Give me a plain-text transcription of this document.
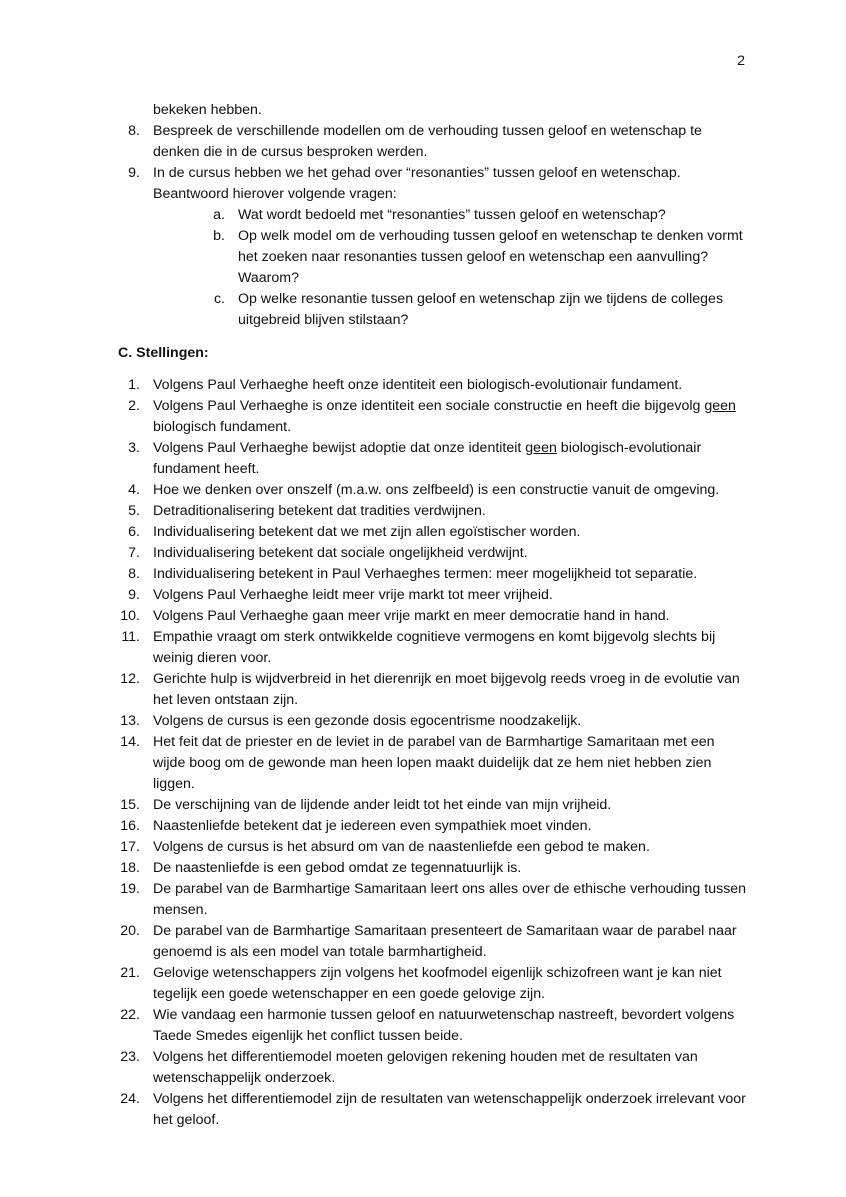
2
bekeken hebben.
8. Bespreek de verschillende modellen om de verhouding tussen geloof en wetenschap te denken die in de cursus besproken werden.
9. In de cursus hebben we het gehad over “resonanties” tussen geloof en wetenschap. Beantwoord hierover volgende vragen:
a. Wat wordt bedoeld met “resonanties” tussen geloof en wetenschap?
b. Op welk model om de verhouding tussen geloof en wetenschap te denken vormt het zoeken naar resonanties tussen geloof en wetenschap een aanvulling? Waarom?
c. Op welke resonantie tussen geloof en wetenschap zijn we tijdens de colleges uitgebreid blijven stilstaan?
C. Stellingen:
1. Volgens Paul Verhaeghe heeft onze identiteit een biologisch-evolutionair fundament.
2. Volgens Paul Verhaeghe is onze identiteit een sociale constructie en heeft die bijgevolg geen biologisch fundament.
3. Volgens Paul Verhaeghe bewijst adoptie dat onze identiteit geen biologisch-evolutionair fundament heeft.
4. Hoe we denken over onszelf (m.a.w. ons zelfbeeld) is een constructie vanuit de omgeving.
5. Detraditionalisering betekent dat tradities verdwijnen.
6. Individualisering betekent dat we met zijn allen egoïstischer worden.
7. Individualisering betekent dat sociale ongelijkheid verdwijnt.
8. Individualisering betekent in Paul Verhaeghes termen: meer mogelijkheid tot separatie.
9. Volgens Paul Verhaeghe leidt meer vrije markt tot meer vrijheid.
10. Volgens Paul Verhaeghe gaan meer vrije markt en meer democratie hand in hand.
11. Empathie vraagt om sterk ontwikkelde cognitieve vermogens en komt bijgevolg slechts bij weinig dieren voor.
12. Gerichte hulp is wijdverbreid in het dierenrijk en moet bijgevolg reeds vroeg in de evolutie van het leven ontstaan zijn.
13. Volgens de cursus is een gezonde dosis egocentrisme noodzakelijk.
14. Het feit dat de priester en de leviet in de parabel van de Barmhartige Samaritaan met een wijde boog om de gewonde man heen lopen maakt duidelijk dat ze hem niet hebben zien liggen.
15. De verschijning van de lijdende ander leidt tot het einde van mijn vrijheid.
16. Naastenliefde betekent dat je iedereen even sympathiek moet vinden.
17. Volgens de cursus is het absurd om van de naastenliefde een gebod te maken.
18. De naastenliefde is een gebod omdat ze tegennatuurlijk is.
19. De parabel van de Barmhartige Samaritaan leert ons alles over de ethische verhouding tussen mensen.
20. De parabel van de Barmhartige Samaritaan presenteert de Samaritaan waar de parabel naar genoemd is als een model van totale barmhartigheid.
21. Gelovige wetenschappers zijn volgens het koofmodel eigenlijk schizofreen want je kan niet tegelijk een goede wetenschapper en een goede gelovige zijn.
22. Wie vandaag een harmonie tussen geloof en natuurwetenschap nastreeft, bevordert volgens Taede Smedes eigenlijk het conflict tussen beide.
23. Volgens het differentiemodel moeten gelovigen rekening houden met de resultaten van wetenschappelijk onderzoek.
24. Volgens het differentiemodel zijn de resultaten van wetenschappelijk onderzoek irrelevant voor het geloof.
